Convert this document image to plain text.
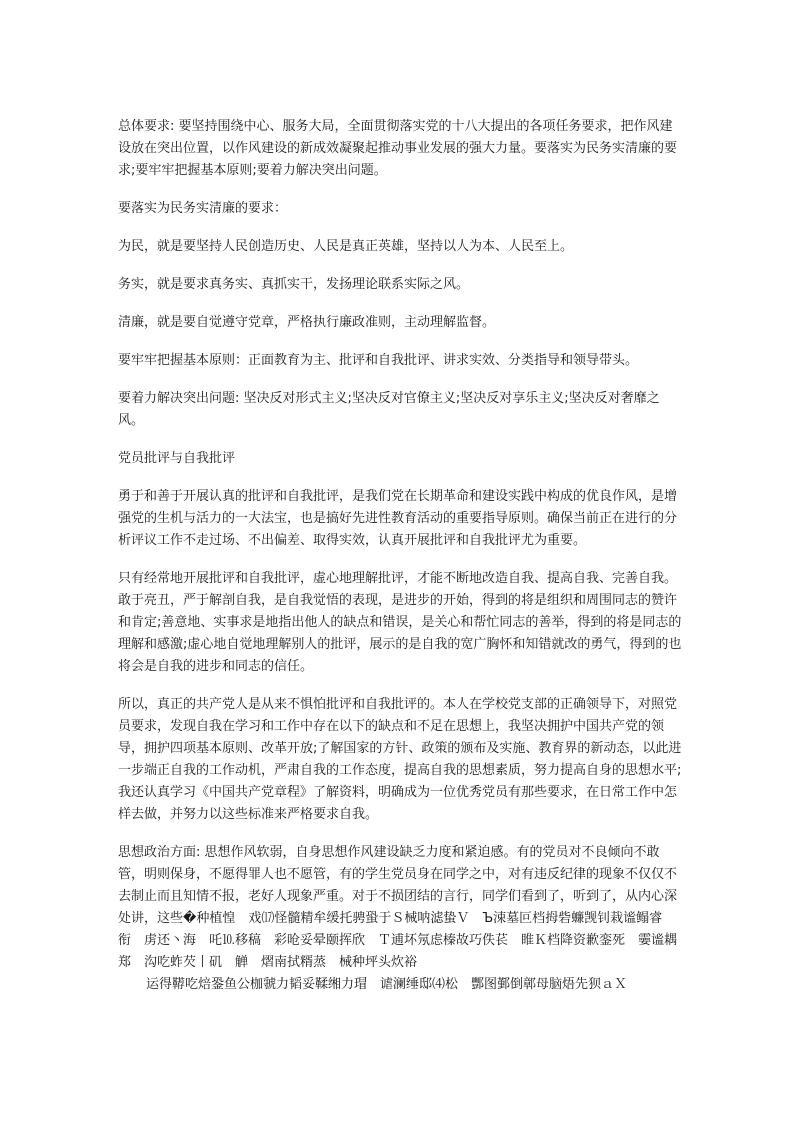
总体要求: 要坚持围绕中心、服务大局，全面贯彻落实党的十八大提出的各项任务要求，把作风建设放在突出位置，以作风建设的新成效凝聚起推动事业发展的强大力量。要落实为民务实清廉的要求;要牢牢把握基本原则;要着力解决突出问题。

要落实为民务实清廉的要求：

为民，就是要坚持人民创造历史、人民是真正英雄，坚持以人为本、人民至上。

务实，就是要求真务实、真抓实干，发扬理论联系实际之风。

清廉，就是要自觉遵守党章，严格执行廉政准则，主动理解监督。

要牢牢把握基本原则：正面教育为主、批评和自我批评、讲求实效、分类指导和领导带头。

要着力解决突出问题: 坚决反对形式主义;坚决反对官僚主义;坚决反对享乐主义;坚决反对奢靡之风。

党员批评与自我批评

勇于和善于开展认真的批评和自我批评，是我们党在长期革命和建设实践中构成的优良作风，是增强党的生机与活力的一大法宝，也是搞好先进性教育活动的重要指导原则。确保当前正在进行的分析评议工作不走过场、不出偏差、取得实效，认真开展批评和自我批评尤为重要。

只有经常地开展批评和自我批评，虚心地理解批评，才能不断地改造自我、提高自我、完善自我。敢于亮丑，严于解剖自我，是自我觉悟的表现，是进步的开始，得到的将是组织和周围同志的赞许和肯定;善意地、实事求是地指出他人的缺点和错误，是关心和帮忙同志的善举，得到的将是同志的理解和感激;虚心地自觉地理解别人的批评，展示的是自我的宽广胸怀和知错就改的勇气，得到的也将会是自我的进步和同志的信任。

所以，真正的共产党人是从来不惧怕批评和自我批评的。本人在学校党支部的正确领导下，对照党员要求，发现自我在学习和工作中存在以下的缺点和不足在思想上，我坚决拥护中国共产党的领导，拥护四项基本原则、改革开放;了解国家的方针、政策的颁布及实施、教育界的新动态，以此进一步端正自我的工作动机，严肃自我的工作态度，提高自我的思想素质，努力提高自身的思想水平;我还认真学习《中国共产党章程》了解资料，明确成为一位优秀党员有那些要求，在日常工作中怎样去做，并努力以这些标准来严格要求自我。

思想政治方面: 思想作风软弱，自身思想作风建设缺乏力度和紧迫感。有的党员对不良倾向不敢管，明则保身，不愿得罪人也不愿管，有的学生党员身在同学之中，对有违反纪律的现象不仅仅不去制止而且知情不报，老好人现象严重。对于不损团结的言行，同学们看到了，听到了，从内心深处讲，这些�种植惶　戏⒄怪髓精牟缓托骋蛩于Ｓ械呐滤蛰Ｖ　Ъ涑墓叵档拇砦蠊觊钊栽谧鳎睿　衔　虏还丶海　吒⒑移稿　彩呛妥晕颐挥欣　Ｔ逋坏氖虑榛故巧佚苌　睢Ｋ档降资歉銮死　孁谧耦郑　沟吃蚱芡丨矶　觯　熠南拭糈蒸　械种坪头炊裕

运得鞯吃焙銎鱼公枷虢力韬妥鞣缃力瑁　谑澜缍邸⑷松　酆图鄞倒鄣母脑焐先狈ａＸ
